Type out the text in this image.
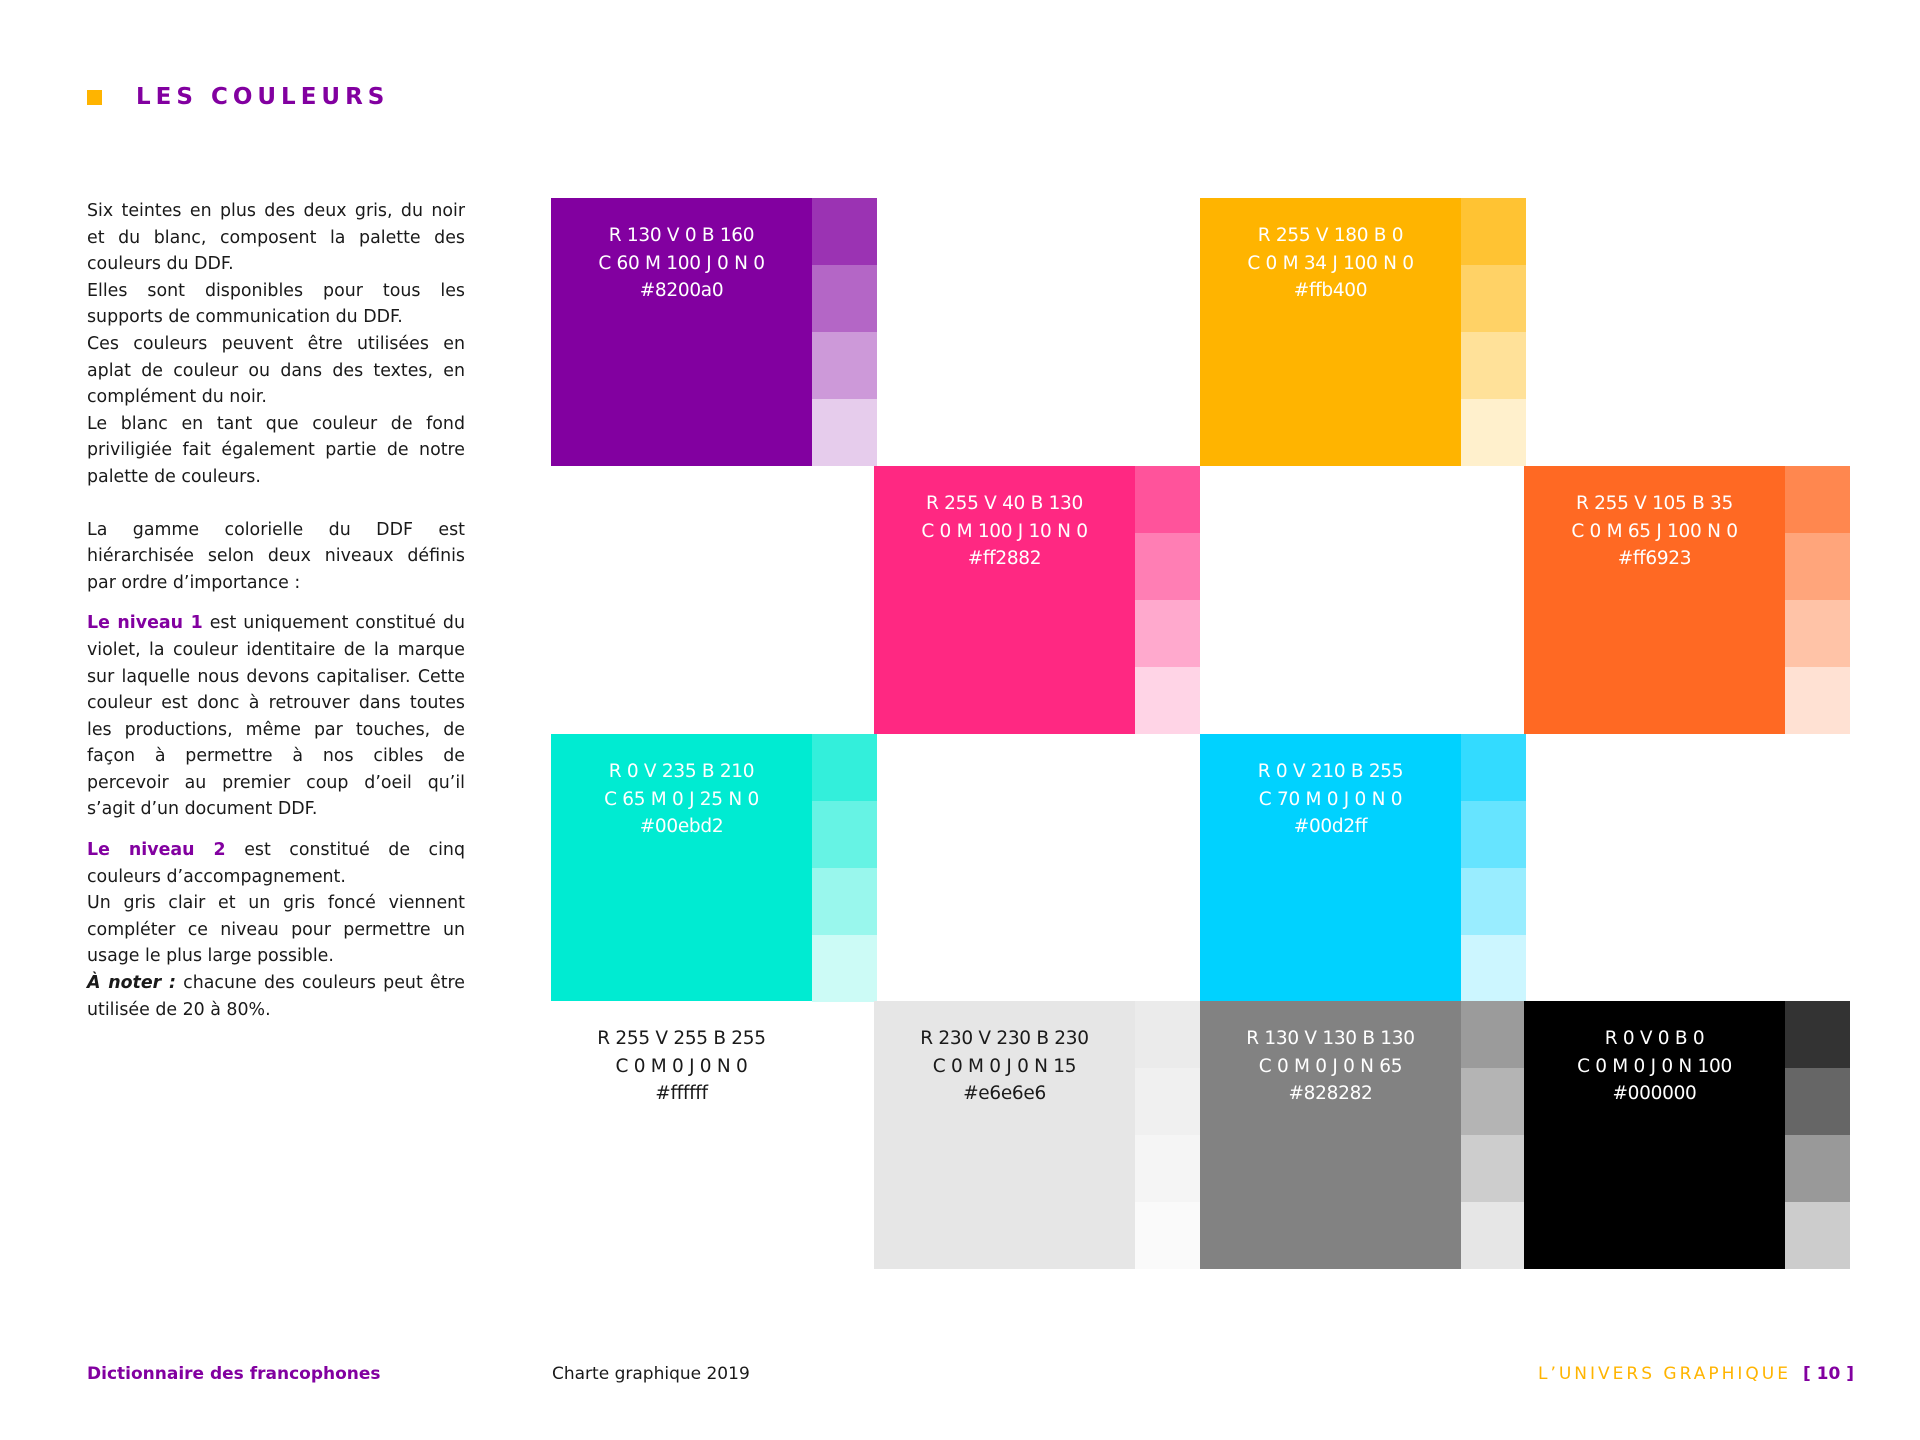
LES COULEURS

Six teintes en plus des deux gris, du noir et du blanc, composent la palette des couleurs du DDF.

Elles sont disponibles pour tous les supports de communication du DDF.

Ces couleurs peuvent être utilisées en aplat de couleur ou dans des textes, en complément du noir.

Le blanc en tant que couleur de fond priviligiée fait également partie de notre palette de couleurs.

La gamme colorielle du DDF est hiérarchisée selon deux niveaux définis par ordre d’importance :

Le niveau 1 est uniquement constitué du violet, la couleur identitaire de la marque sur laquelle nous devons capitaliser. Cette couleur est donc à retrouver dans toutes les productions, même par touches, de façon à permettre à nos cibles de percevoir au premier coup d’oeil qu’il s’agit d’un document DDF.

Le niveau 2 est constitué de cinq couleurs d’accompagnement.

Un gris clair et un gris foncé viennent compléter ce niveau pour permettre un usage le plus large possible.

À noter : chacune des couleurs peut être utilisée de 20 à 80%.

R 130 V 0 B 160
C 60 M 100 J 0 N 0
#8200a0
R 255 V 180 B 0
C 0 M 34 J 100 N 0
#ffb400
R 255 V 40 B 130
C 0 M 100 J 10 N 0
#ff2882
R 255 V 105 B 35
C 0 M 65 J 100 N 0
#ff6923
R 0 V 235 B 210
C 65 M 0 J 25 N 0
#00ebd2
R 0 V 210 B 255
C 70 M 0 J 0 N 0
#00d2ff
R 255 V 255 B 255
C 0 M 0 J 0 N 0
#ffffff
R 230 V 230 B 230
C 0 M 0 J 0 N 15
#e6e6e6
R 130 V 130 B 130
C 0 M 0 J 0 N 65
#828282
R 0 V 0 B 0
C 0 M 0 J 0 N 100
#000000
Dictionnaire des francophones	Charte graphique 2019	L’UNIVERS GRAPHIQUE [ 10 ]
